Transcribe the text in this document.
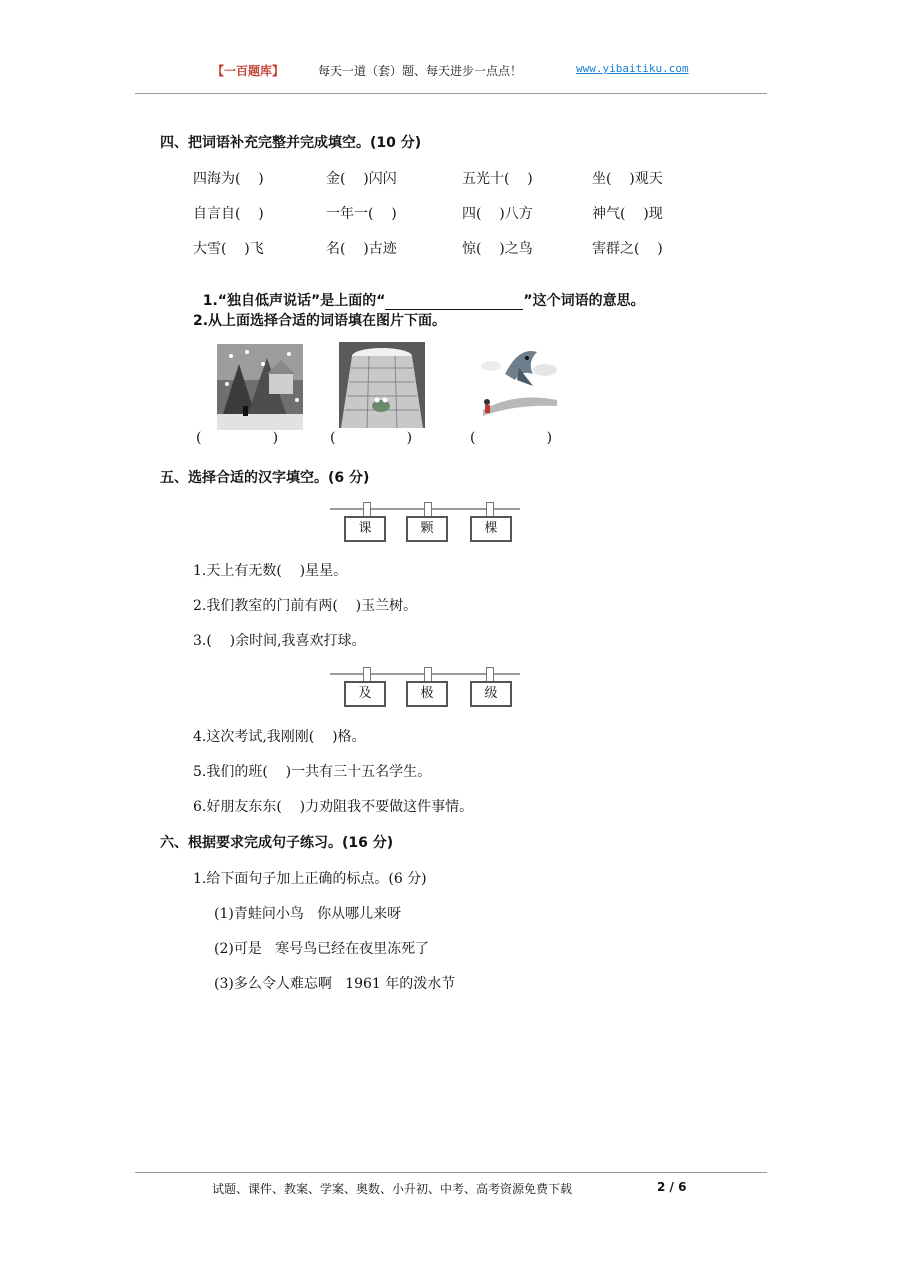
【一百题库】	每天一道（套）题、每天进步一点点！	www.yibaitiku.com
四、把词语补充完整并完成填空。(10 分)
四海为(    )	金(    )闪闪	五光十(    )	坐(    )观天
自言自(    )	一年一(    )	四(    )八方	神气(    )现
大雪(    )飞	名(    )古迹	惊(    )之鸟	害群之(    )

1.“独自低声说话”是上面的“	”这个词语的意思。

2.从上面选择合适的词语填在图片下面。
(                )	(                )	(                )
五、选择合适的汉字填空。(6 分)
课	颗	棵
1.天上有无数(    )星星。
2.我们教室的门前有两(    )玉兰树。
3.(    )余时间,我喜欢打球。
及	极	级
4.这次考试,我刚刚(    )格。
5.我们的班(    )一共有三十五名学生。
6.好朋友东东(    )力劝阻我不要做这件事情。
六、根据要求完成句子练习。(16 分)
1.给下面句子加上正确的标点。(6 分)
(1)青蛙问小鸟   你从哪儿来呀
(2)可是   寒号鸟已经在夜里冻死了
(3)多么令人难忘啊   1961 年的泼水节
试题、课件、教案、学案、奥数、小升初、中考、高考资源免费下载	2 / 6
